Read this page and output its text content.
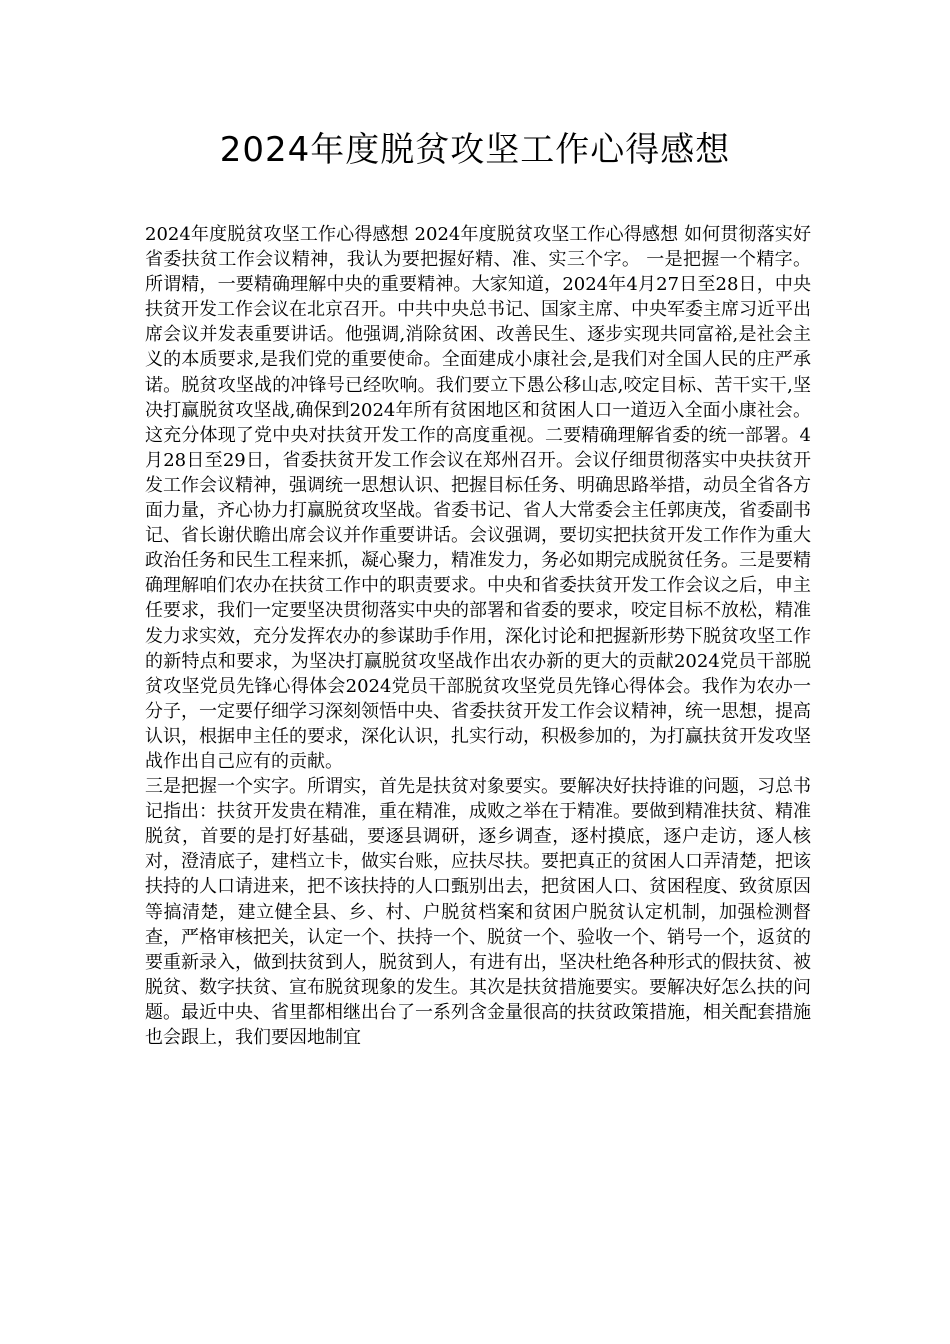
2024年度脱贫攻坚工作心得感想

2024年度脱贫攻坚工作心得感想 2024年度脱贫攻坚工作心得感想 如何贯彻落实好省委扶贫工作会议精神，我认为要把握好精、准、实三个字。 一是把握一个精字。所谓精，一要精确理解中央的重要精神。大家知道，2024年4月27日至28日，中央扶贫开发工作会议在北京召开。中共中央总书记、国家主席、中央军委主席习近平出席会议并发表重要讲话。他强调,消除贫困、改善民生、逐步实现共同富裕,是社会主义的本质要求,是我们党的重要使命。全面建成小康社会,是我们对全国人民的庄严承诺。脱贫攻坚战的冲锋号已经吹响。我们要立下愚公移山志,咬定目标、苦干实干,坚决打赢脱贫攻坚战,确保到2024年所有贫困地区和贫困人口一道迈入全面小康社会。这充分体现了党中央对扶贫开发工作的高度重视。二要精确理解省委的统一部署。4月28日至29日，省委扶贫开发工作会议在郑州召开。会议仔细贯彻落实中央扶贫开发工作会议精神，强调统一思想认识、把握目标任务、明确思路举措，动员全省各方面力量，齐心协力打赢脱贫攻坚战。省委书记、省人大常委会主任郭庚茂，省委副书记、省长谢伏瞻出席会议并作重要讲话。会议强调，要切实把扶贫开发工作作为重大政治任务和民生工程来抓，凝心聚力，精准发力，务必如期完成脱贫任务。三是要精确理解咱们农办在扶贫工作中的职责要求。中央和省委扶贫开发工作会议之后，申主任要求，我们一定要坚决贯彻落实中央的部署和省委的要求，咬定目标不放松，精准发力求实效，充分发挥农办的参谋助手作用，深化讨论和把握新形势下脱贫攻坚工作的新特点和要求，为坚决打赢脱贫攻坚战作出农办新的更大的贡献2024党员干部脱贫攻坚党员先锋心得体会2024党员干部脱贫攻坚党员先锋心得体会。我作为农办一分子，一定要仔细学习深刻领悟中央、省委扶贫开发工作会议精神，统一思想，提高认识，根据申主任的要求，深化认识，扎实行动，积极参加的，为打赢扶贫开发攻坚战作出自己应有的贡献。
三是把握一个实字。所谓实，首先是扶贫对象要实。要解决好扶持谁的问题，习总书记指出：扶贫开发贵在精准，重在精准，成败之举在于精准。要做到精准扶贫、精准脱贫，首要的是打好基础，要逐县调研，逐乡调查，逐村摸底，逐户走访，逐人核对，澄清底子，建档立卡，做实台账，应扶尽扶。要把真正的贫困人口弄清楚，把该扶持的人口请进来，把不该扶持的人口甄别出去，把贫困人口、贫困程度、致贫原因等搞清楚，建立健全县、乡、村、户脱贫档案和贫困户脱贫认定机制，加强检测督查，严格审核把关，认定一个、扶持一个、脱贫一个、验收一个、销号一个，返贫的要重新录入，做到扶贫到人，脱贫到人，有进有出，坚决杜绝各种形式的假扶贫、被脱贫、数字扶贫、宣布脱贫现象的发生。其次是扶贫措施要实。要解决好怎么扶的问题。最近中央、省里都相继出台了一系列含金量很高的扶贫政策措施，相关配套措施也会跟上，我们要因地制宜
